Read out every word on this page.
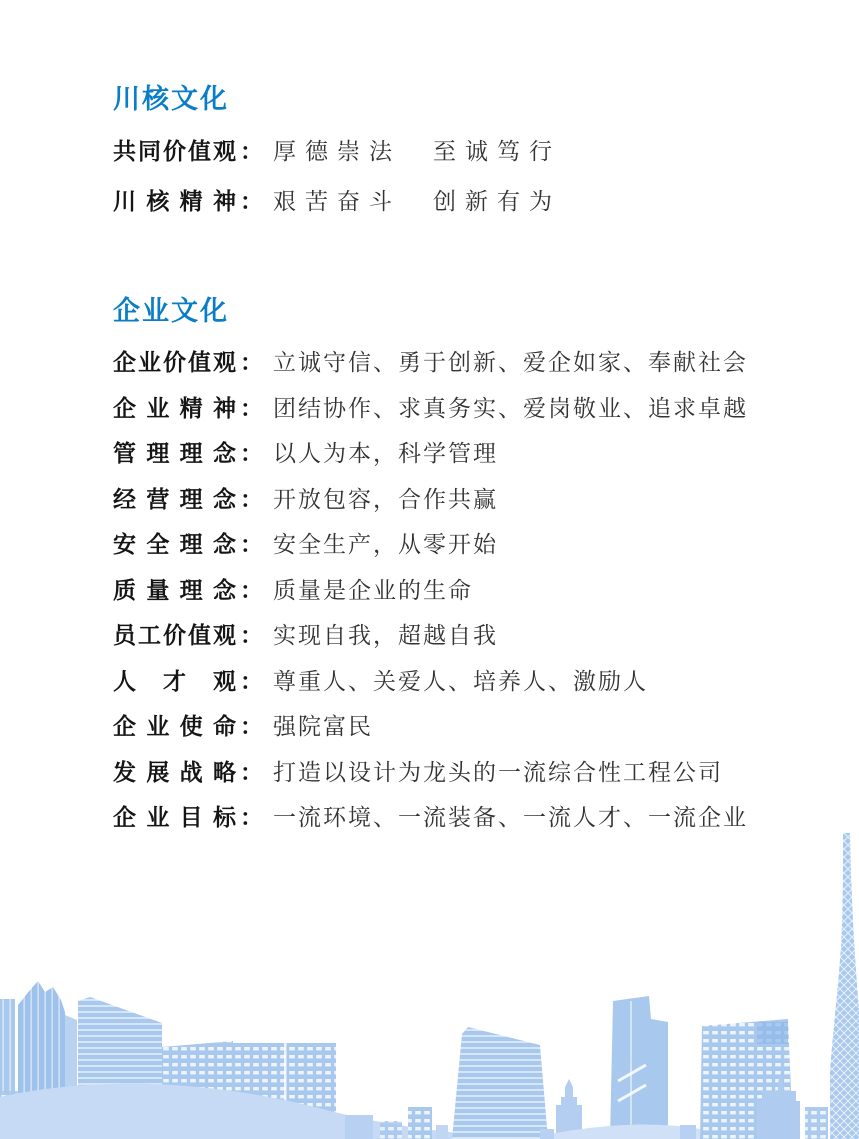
川核文化
共同价值观 ： 厚德崇法　至诚笃行
川核精神 ： 艰苦奋斗　创新有为
企业文化
企业价值观 ： 立诚守信、勇于创新、爱企如家、奉献社会
企业精神 ： 团结协作、求真务实、爱岗敬业、追求卓越
管理理念 ： 以人为本，科学管理
经营理念 ： 开放包容，合作共赢
安全理念 ： 安全生产，从零开始
质量理念 ： 质量是企业的生命
员工价值观 ： 实现自我，超越自我
人才观 ： 尊重人、关爱人、培养人、激励人
企业使命 ： 强院富民
发展战略 ： 打造以设计为龙头的一流综合性工程公司
企业目标 ： 一流环境、一流装备、一流人才、一流企业
